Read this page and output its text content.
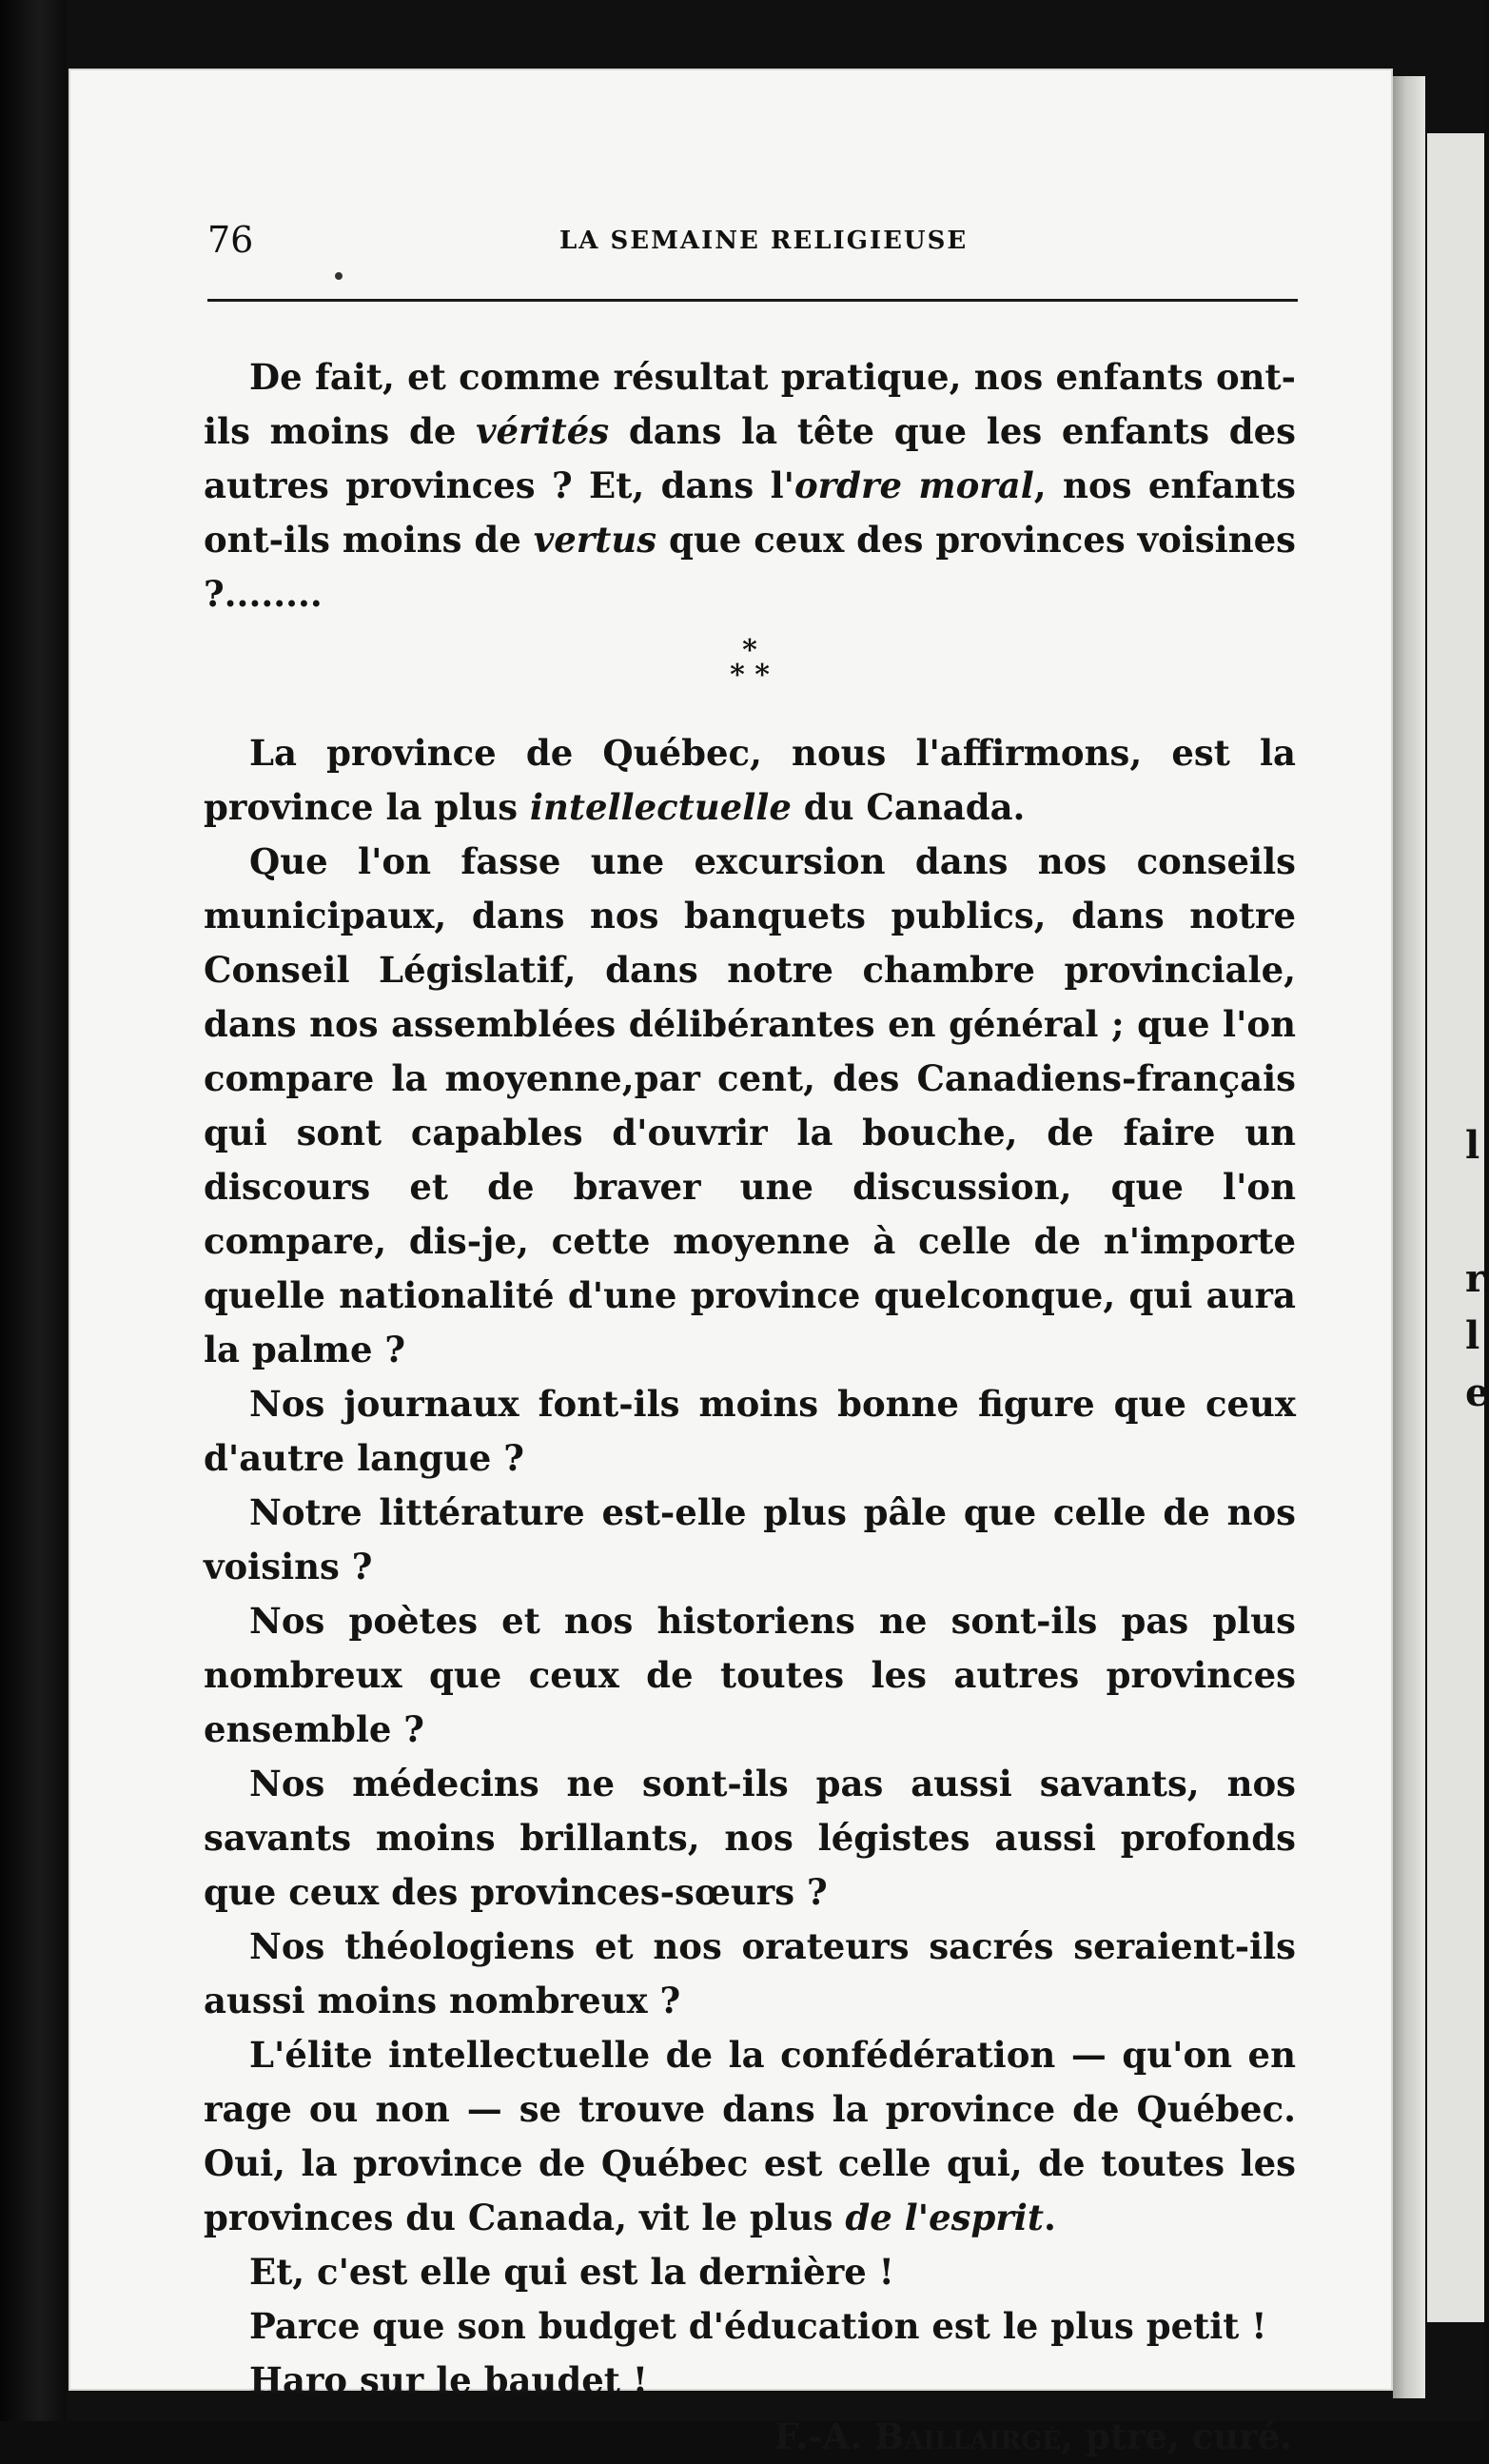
l
r
l
e
76	LA SEMAINE RELIGIEUSE

De fait, et comme résultat pratique, nos enfants ont-ils moins de vérités dans la tête que les enfants des autres provinces ? Et, dans l'ordre moral, nos enfants ont-ils moins de vertus que ceux des provinces voisines ?........

*
* *

La province de Québec, nous l'affirmons, est la province la plus intellectuelle du Canada.

Que l'on fasse une excursion dans nos conseils municipaux, dans nos banquets publics, dans notre Conseil Législatif, dans notre chambre provinciale, dans nos assemblées délibérantes en général ; que l'on compare la moyenne,par cent, des Canadiens-français qui sont capables d'ouvrir la bouche, de faire un discours et de braver une discussion, que l'on compare, dis-je, cette moyenne à celle de n'importe quelle nationalité d'une province quelconque, qui aura la palme ?

Nos journaux font-ils moins bonne figure que ceux d'autre langue ?

Notre littérature est-elle plus pâle que celle de nos voisins ?

Nos poètes et nos historiens ne sont-ils pas plus nombreux que ceux de toutes les autres provinces ensemble ?

Nos médecins ne sont-ils pas aussi savants, nos savants moins brillants, nos légistes aussi profonds que ceux des provinces-sœurs ?

Nos théologiens et nos orateurs sacrés seraient-ils aussi moins nombreux ?

L'élite intellectuelle de la confédération — qu'on en rage ou non — se trouve dans la province de Québec. Oui, la province de Québec est celle qui, de toutes les provinces du Canada, vit le plus de l'esprit.

Et, c'est elle qui est la dernière !

Parce que son budget d'éducation est le plus petit !

Haro sur le baudet !

F.-A. Baillairgé, ptre, curé.
